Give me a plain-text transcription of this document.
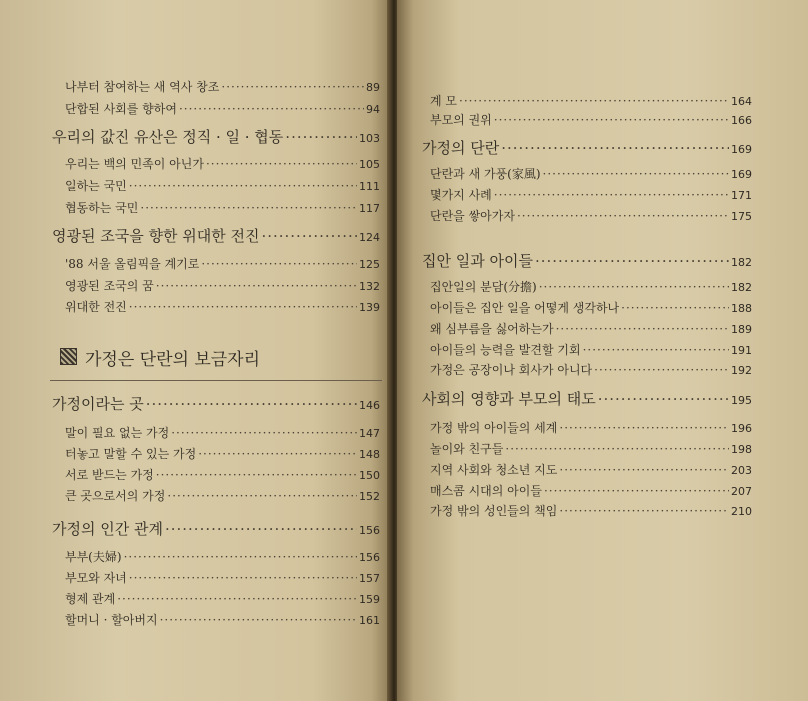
나부터 참여하는 새 역사 창조 ·····	89
단합된 사회를 향하여 ·····	94
우리의 값진 유산은 정직 · 일 · 협동 ·····	103
우리는 백의 민족이 아닌가 ·····	105
일하는 국민 ·····	111
협동하는 국민 ·····	117
영광된 조국을 향한 위대한 전진 ·····	124
'88 서울 올림픽을 계기로 ·····	125
영광된 조국의 꿈 ·····	132
위대한 전진 ·····	139
가정은 단란의 보금자리
가정이라는 곳 ·····	146
말이 필요 없는 가정 ·····	147
터놓고 말할 수 있는 가정 ·····	148
서로 받드는 가정 ·····	150
큰 곳으로서의 가정 ·····	152
가정의 인간 관계 ·····	156
부부(夫婦) ·····	156
부모와 자녀 ·····	157
형제 관계 ·····	159
할머니 · 할아버지 ·····	161
계 모 ·····	164
부모의 권위 ·····	166
가정의 단란 ·····	169
단란과 새 가풍(家風) ·····	169
몇가지 사례 ·····	171
단란을 쌓아가자 ·····	175
집안 일과 아이들 ·····	182
집안일의 분담(分擔) ·····	182
아이들은 집안 일을 어떻게 생각하나 ·····	188
왜 심부름을 싫어하는가 ·····	189
아이들의 능력을 발견할 기회 ·····	191
가정은 공장이나 회사가 아니다 ·····	192
사회의 영향과 부모의 태도 ·····	195
가정 밖의 아이들의 세계 ·····	196
놀이와 친구들 ·····	198
지역 사회와 청소년 지도 ·····	203
매스콤 시대의 아이들 ·····	207
가정 밖의 성인들의 책임 ·····	210
